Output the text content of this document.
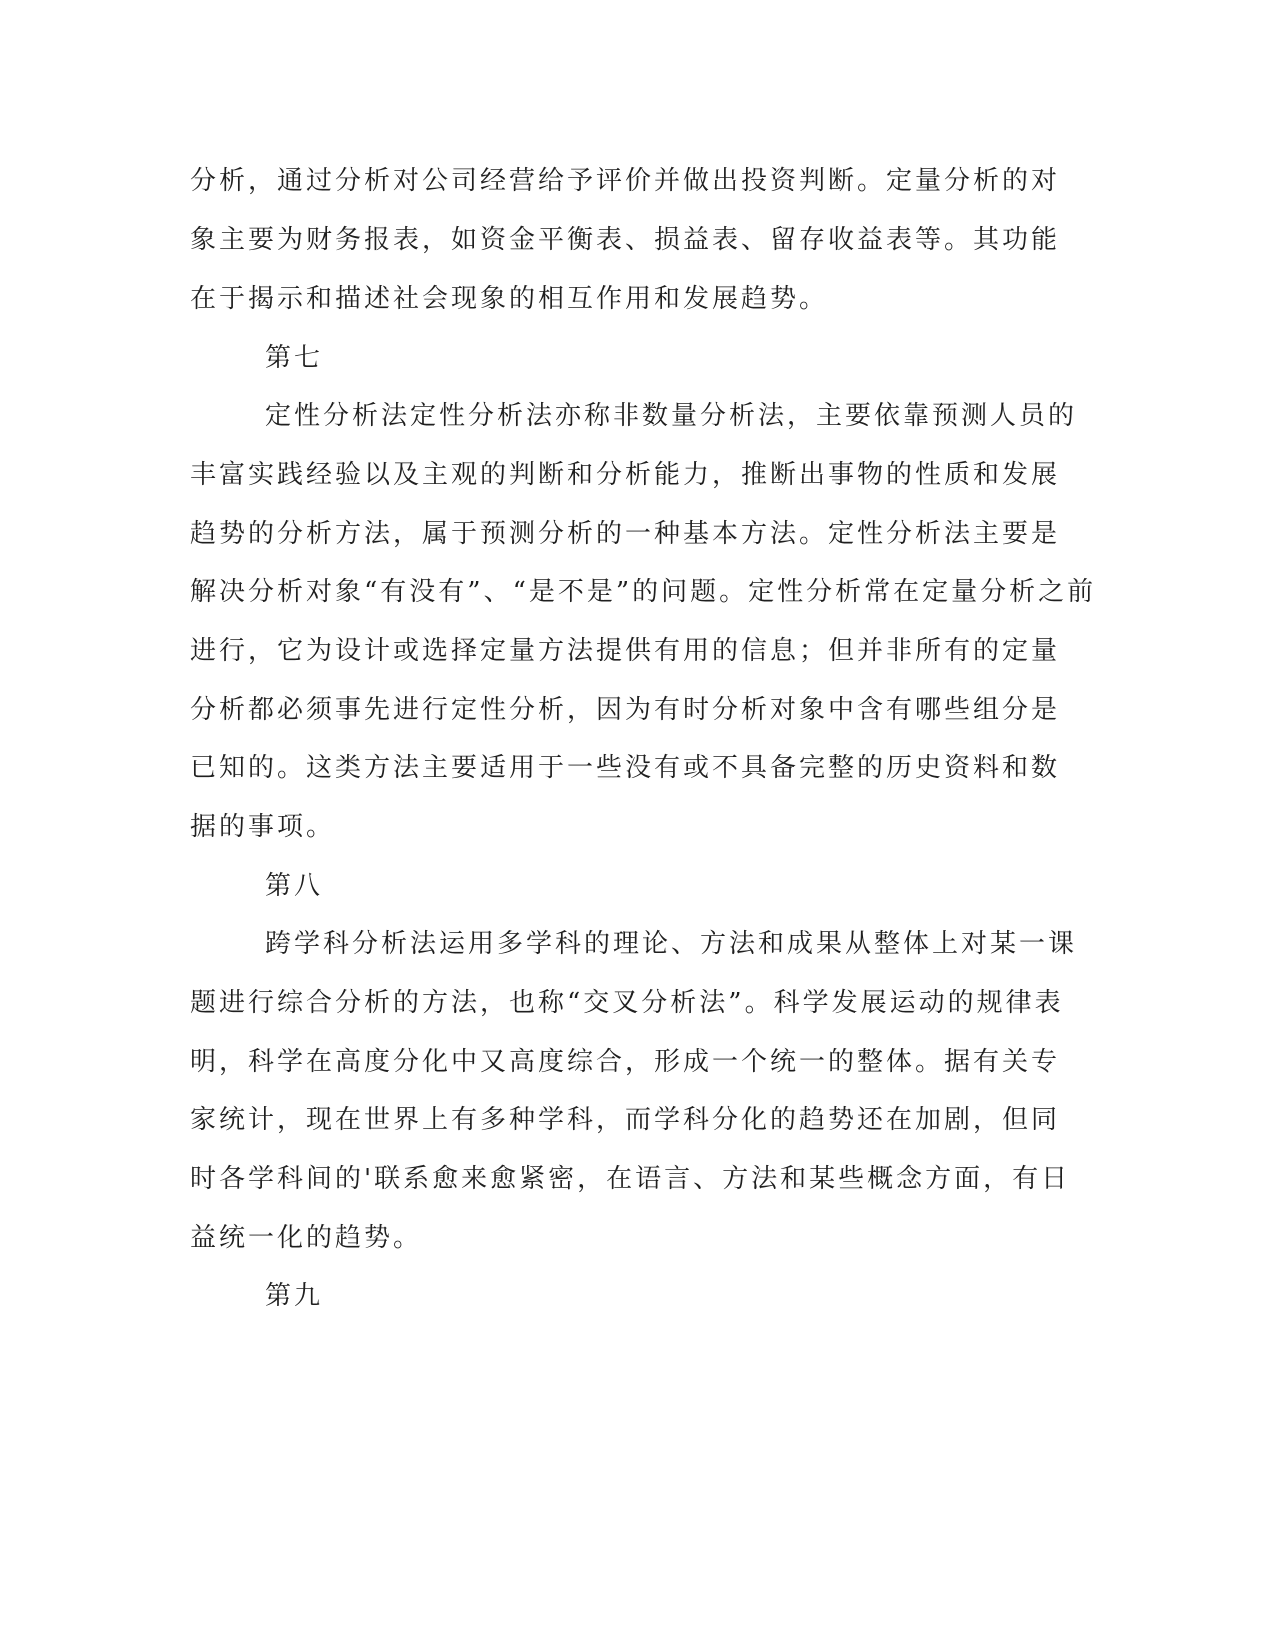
分析，通过分析对公司经营给予评价并做出投资判断。定量分析的对

象主要为财务报表，如资金平衡表、损益表、留存收益表等。其功能

在于揭示和描述社会现象的相互作用和发展趋势。

第七

定性分析法定性分析法亦称非数量分析法，主要依靠预测人员的

丰富实践经验以及主观的判断和分析能力，推断出事物的性质和发展

趋势的分析方法，属于预测分析的一种基本方法。定性分析法主要是

解决分析对象“有没有”、“是不是”的问题。定性分析常在定量分析之前

进行，它为设计或选择定量方法提供有用的信息；但并非所有的定量

分析都必须事先进行定性分析，因为有时分析对象中含有哪些组分是

已知的。这类方法主要适用于一些没有或不具备完整的历史资料和数

据的事项。

第八

跨学科分析法运用多学科的理论、方法和成果从整体上对某一课

题进行综合分析的方法，也称“交叉分析法”。科学发展运动的规律表

明，科学在高度分化中又高度综合，形成一个统一的整体。据有关专

家统计，现在世界上有多种学科，而学科分化的趋势还在加剧，但同

时各学科间的'联系愈来愈紧密，在语言、方法和某些概念方面，有日

益统一化的趋势。

第九
